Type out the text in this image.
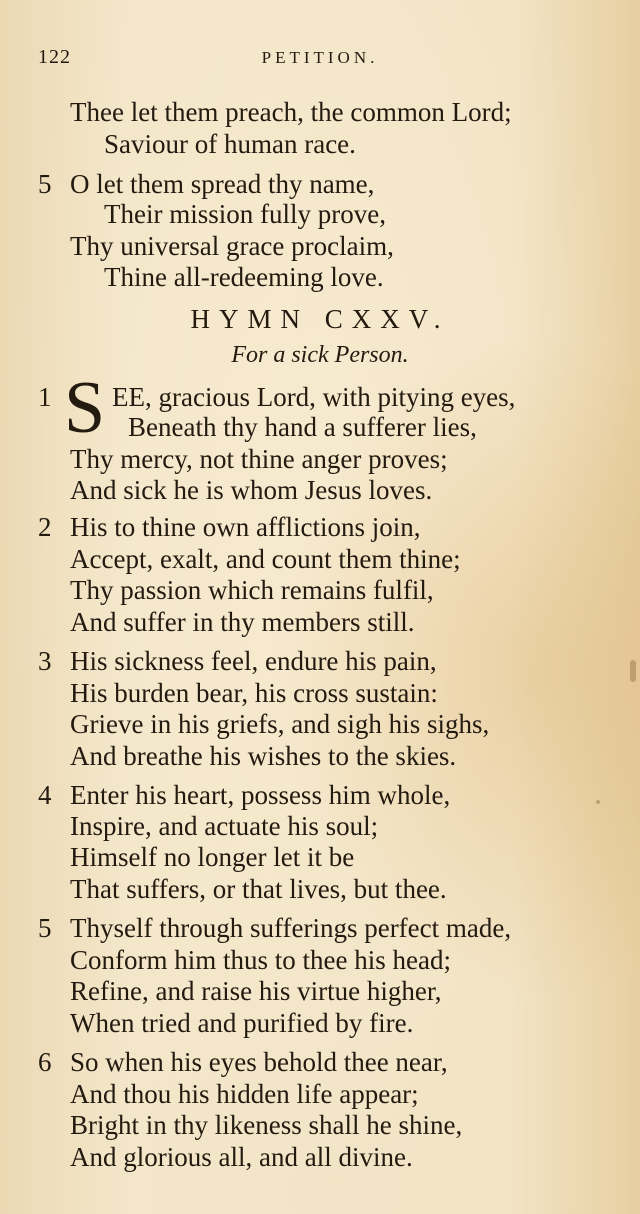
122	PETITION.
Thee let them preach, the common Lord;
Saviour of human race.
5 O let them spread thy name,
Their mission fully prove,
Thy universal grace proclaim,
Thine all-redeeming love.
HYMN CXXV.
For a sick Person.
1 EE, gracious Lord, with pitying eyes,
S Beneath thy hand a sufferer lies,
Thy mercy, not thine anger proves;
And sick he is whom Jesus loves.
2 His to thine own afflictions join,
Accept, exalt, and count them thine;
Thy passion which remains fulfil,
And suffer in thy members still.
3 His sickness feel, endure his pain,
His burden bear, his cross sustain:
Grieve in his griefs, and sigh his sighs,
And breathe his wishes to the skies.
4 Enter his heart, possess him whole,
Inspire, and actuate his soul;
Himself no longer let it be
That suffers, or that lives, but thee.
5 Thyself through sufferings perfect made,
Conform him thus to thee his head;
Refine, and raise his virtue higher,
When tried and purified by fire.
6 So when his eyes behold thee near,
And thou his hidden life appear;
Bright in thy likeness shall he shine,
And glorious all, and all divine.
